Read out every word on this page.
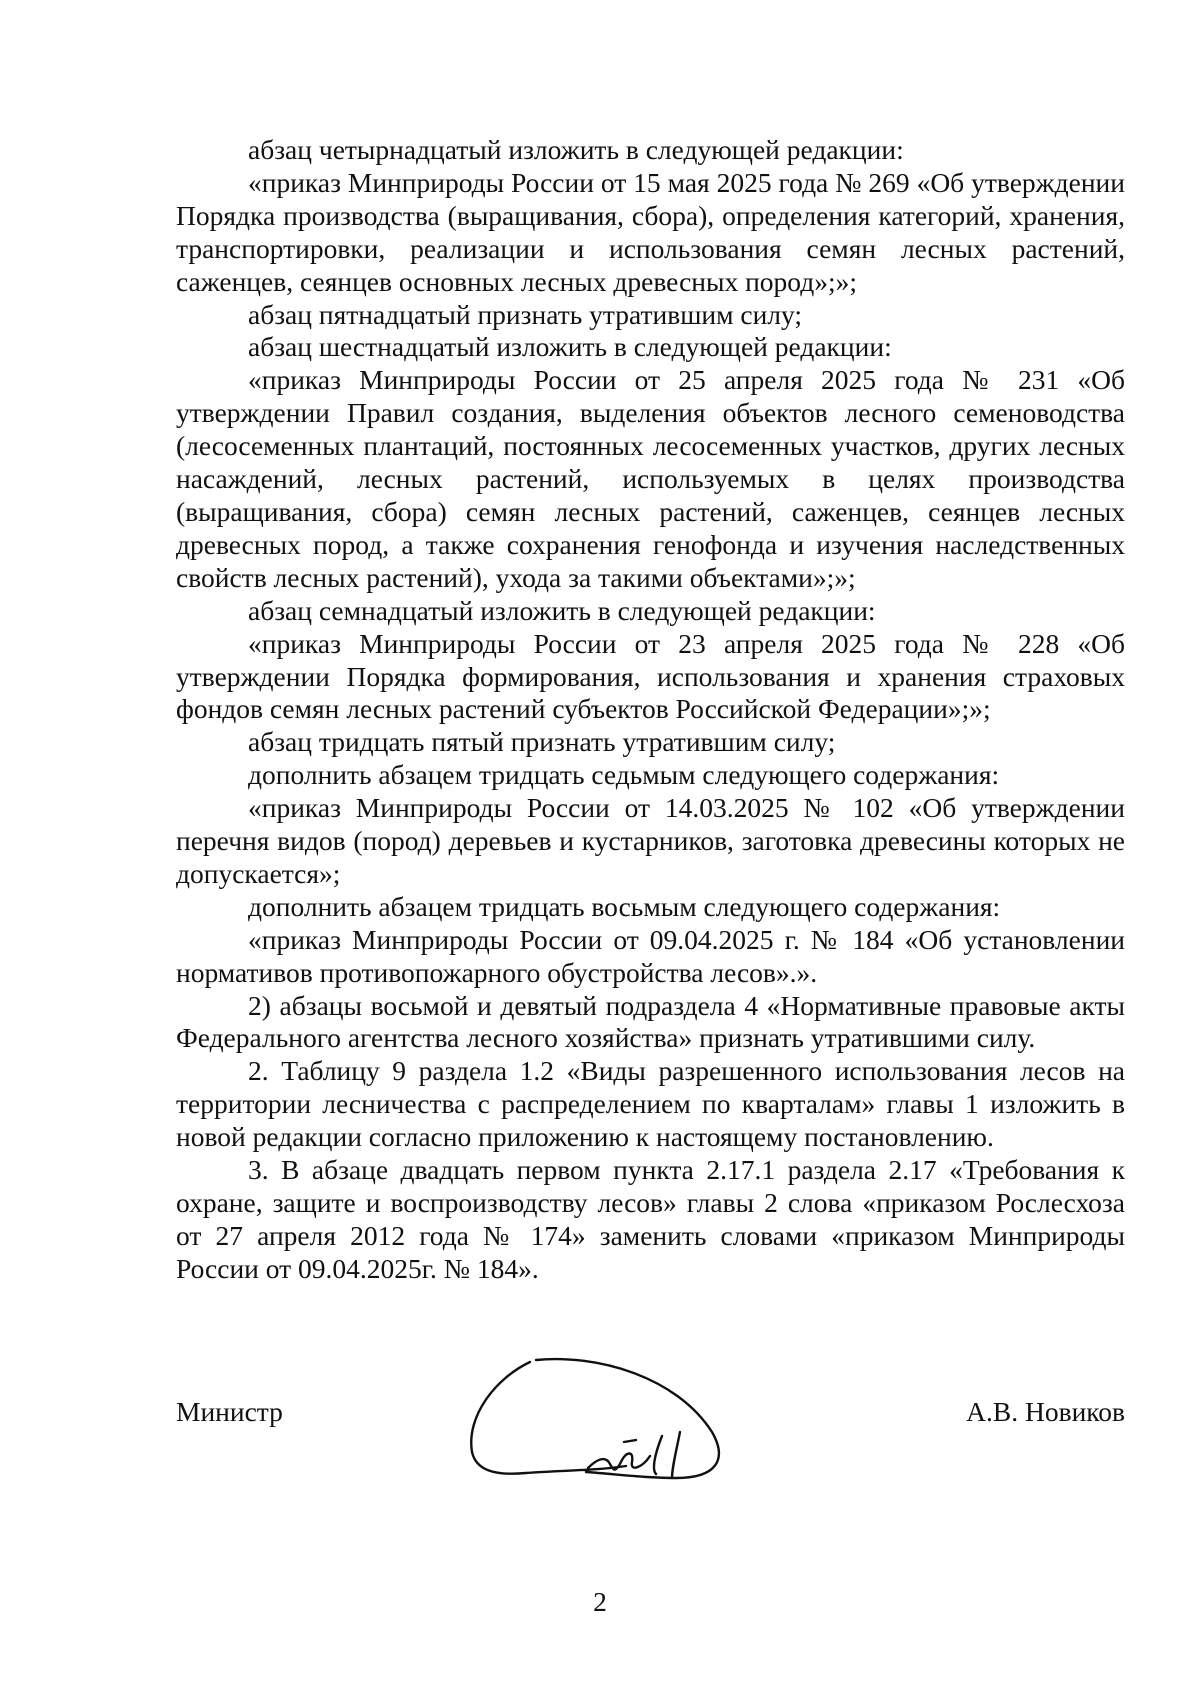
абзац четырнадцатый изложить в следующей редакции:

«приказ Минприроды России от 15 мая 2025 года № 269 «Об утверждении Порядка производства (выращивания, сбора), определения категорий, хранения, транспортировки, реализации и использования семян лесных растений, саженцев, сеянцев основных лесных древесных пород»;»;

абзац пятнадцатый признать утратившим силу;

абзац шестнадцатый изложить в следующей редакции:

«приказ Минприроды России от 25 апреля 2025 года № 231 «Об утверждении Правил создания, выделения объектов лесного семеноводства (лесосеменных плантаций, постоянных лесосеменных участков, других лесных насаждений, лесных растений, используемых в целях производства (выращивания, сбора) семян лесных растений, саженцев, сеянцев лесных древесных пород, а также сохранения генофонда и изучения наследственных свойств лесных растений), ухода за такими объектами»;»;

абзац семнадцатый изложить в следующей редакции:

«приказ Минприроды России от 23 апреля 2025 года № 228 «Об утверждении Порядка формирования, использования и хранения страховых фондов семян лесных растений субъектов Российской Федерации»;»;

абзац тридцать пятый признать утратившим силу;

дополнить абзацем тридцать седьмым следующего содержания:

«приказ Минприроды России от 14.03.2025 № 102 «Об утверждении перечня видов (пород) деревьев и кустарников, заготовка древесины которых не допускается»;

дополнить абзацем тридцать восьмым следующего содержания:

«приказ Минприроды России от 09.04.2025 г. № 184 «Об установлении нормативов противопожарного обустройства лесов».».

2) абзацы восьмой и девятый подраздела 4 «Нормативные правовые акты Федерального агентства лесного хозяйства» признать утратившими силу.

2. Таблицу 9 раздела 1.2 «Виды разрешенного использования лесов на территории лесничества с распределением по кварталам» главы 1 изложить в новой редакции согласно приложению к настоящему постановлению.

3. В абзаце двадцать первом пункта 2.17.1 раздела 2.17 «Требования к охране, защите и воспроизводству лесов» главы 2 слова «приказом Рослесхоза от 27 апреля 2012 года № 174» заменить словами «приказом Минприроды России от 09.04.2025г. № 184».

Министр	А.В. Новиков
2
